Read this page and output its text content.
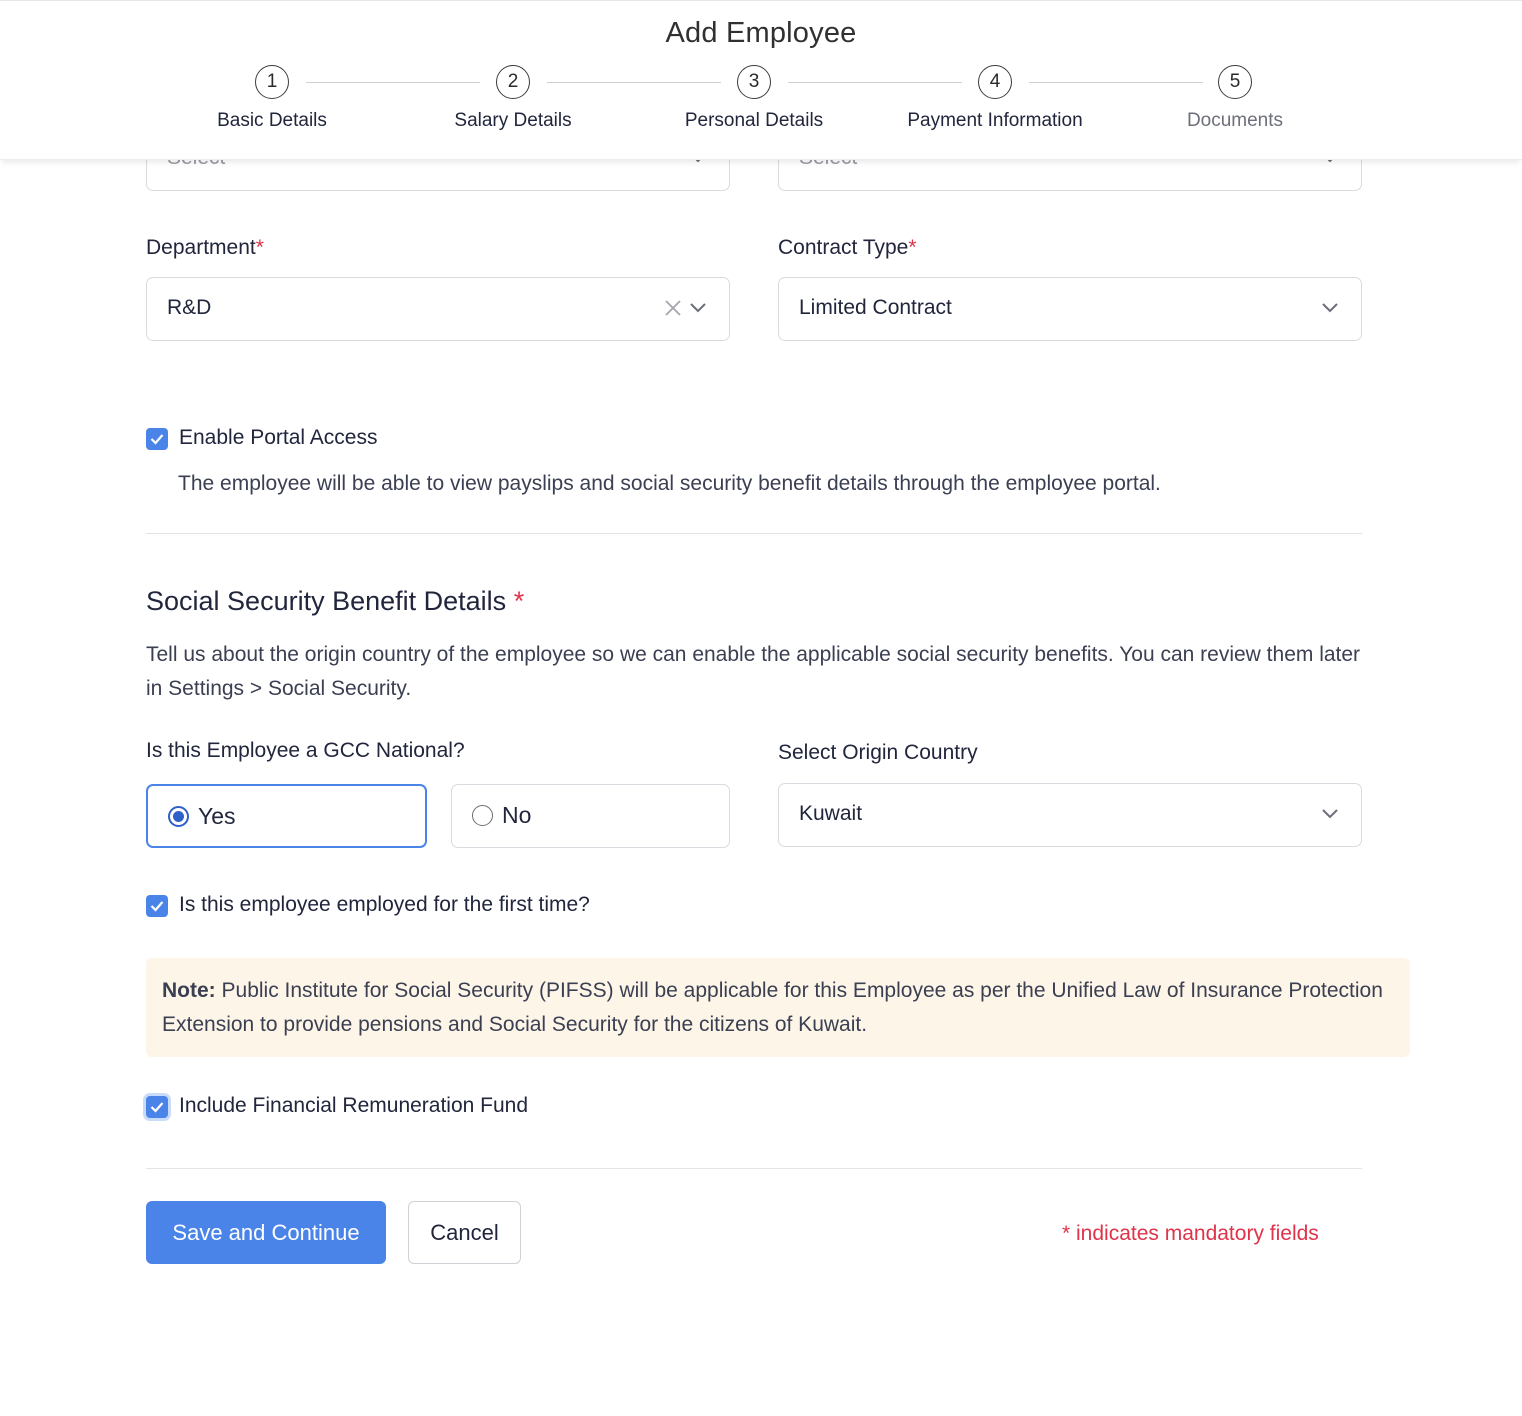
Add Employee
1
Basic Details
2
Salary Details
3
Personal Details
4
Payment Information
5
Documents
Department*
R&D
Contract Type*
Limited Contract
Enable Portal Access
The employee will be able to view payslips and social security benefit details through the employee portal.
Social Security Benefit Details *
Tell us about the origin country of the employee so we can enable the applicable social security benefits. You can review them later in Settings > Social Security.
Is this Employee a GCC National?
Yes	No
Select Origin Country
Kuwait
Is this employee employed for the first time?
Note: Public Institute for Social Security (PIFSS) will be applicable for this Employee as per the Unified Law of Insurance Protection Extension to provide pensions and Social Security for the citizens of Kuwait.
Include Financial Remuneration Fund
Save and Continue	Cancel	* indicates mandatory fields
